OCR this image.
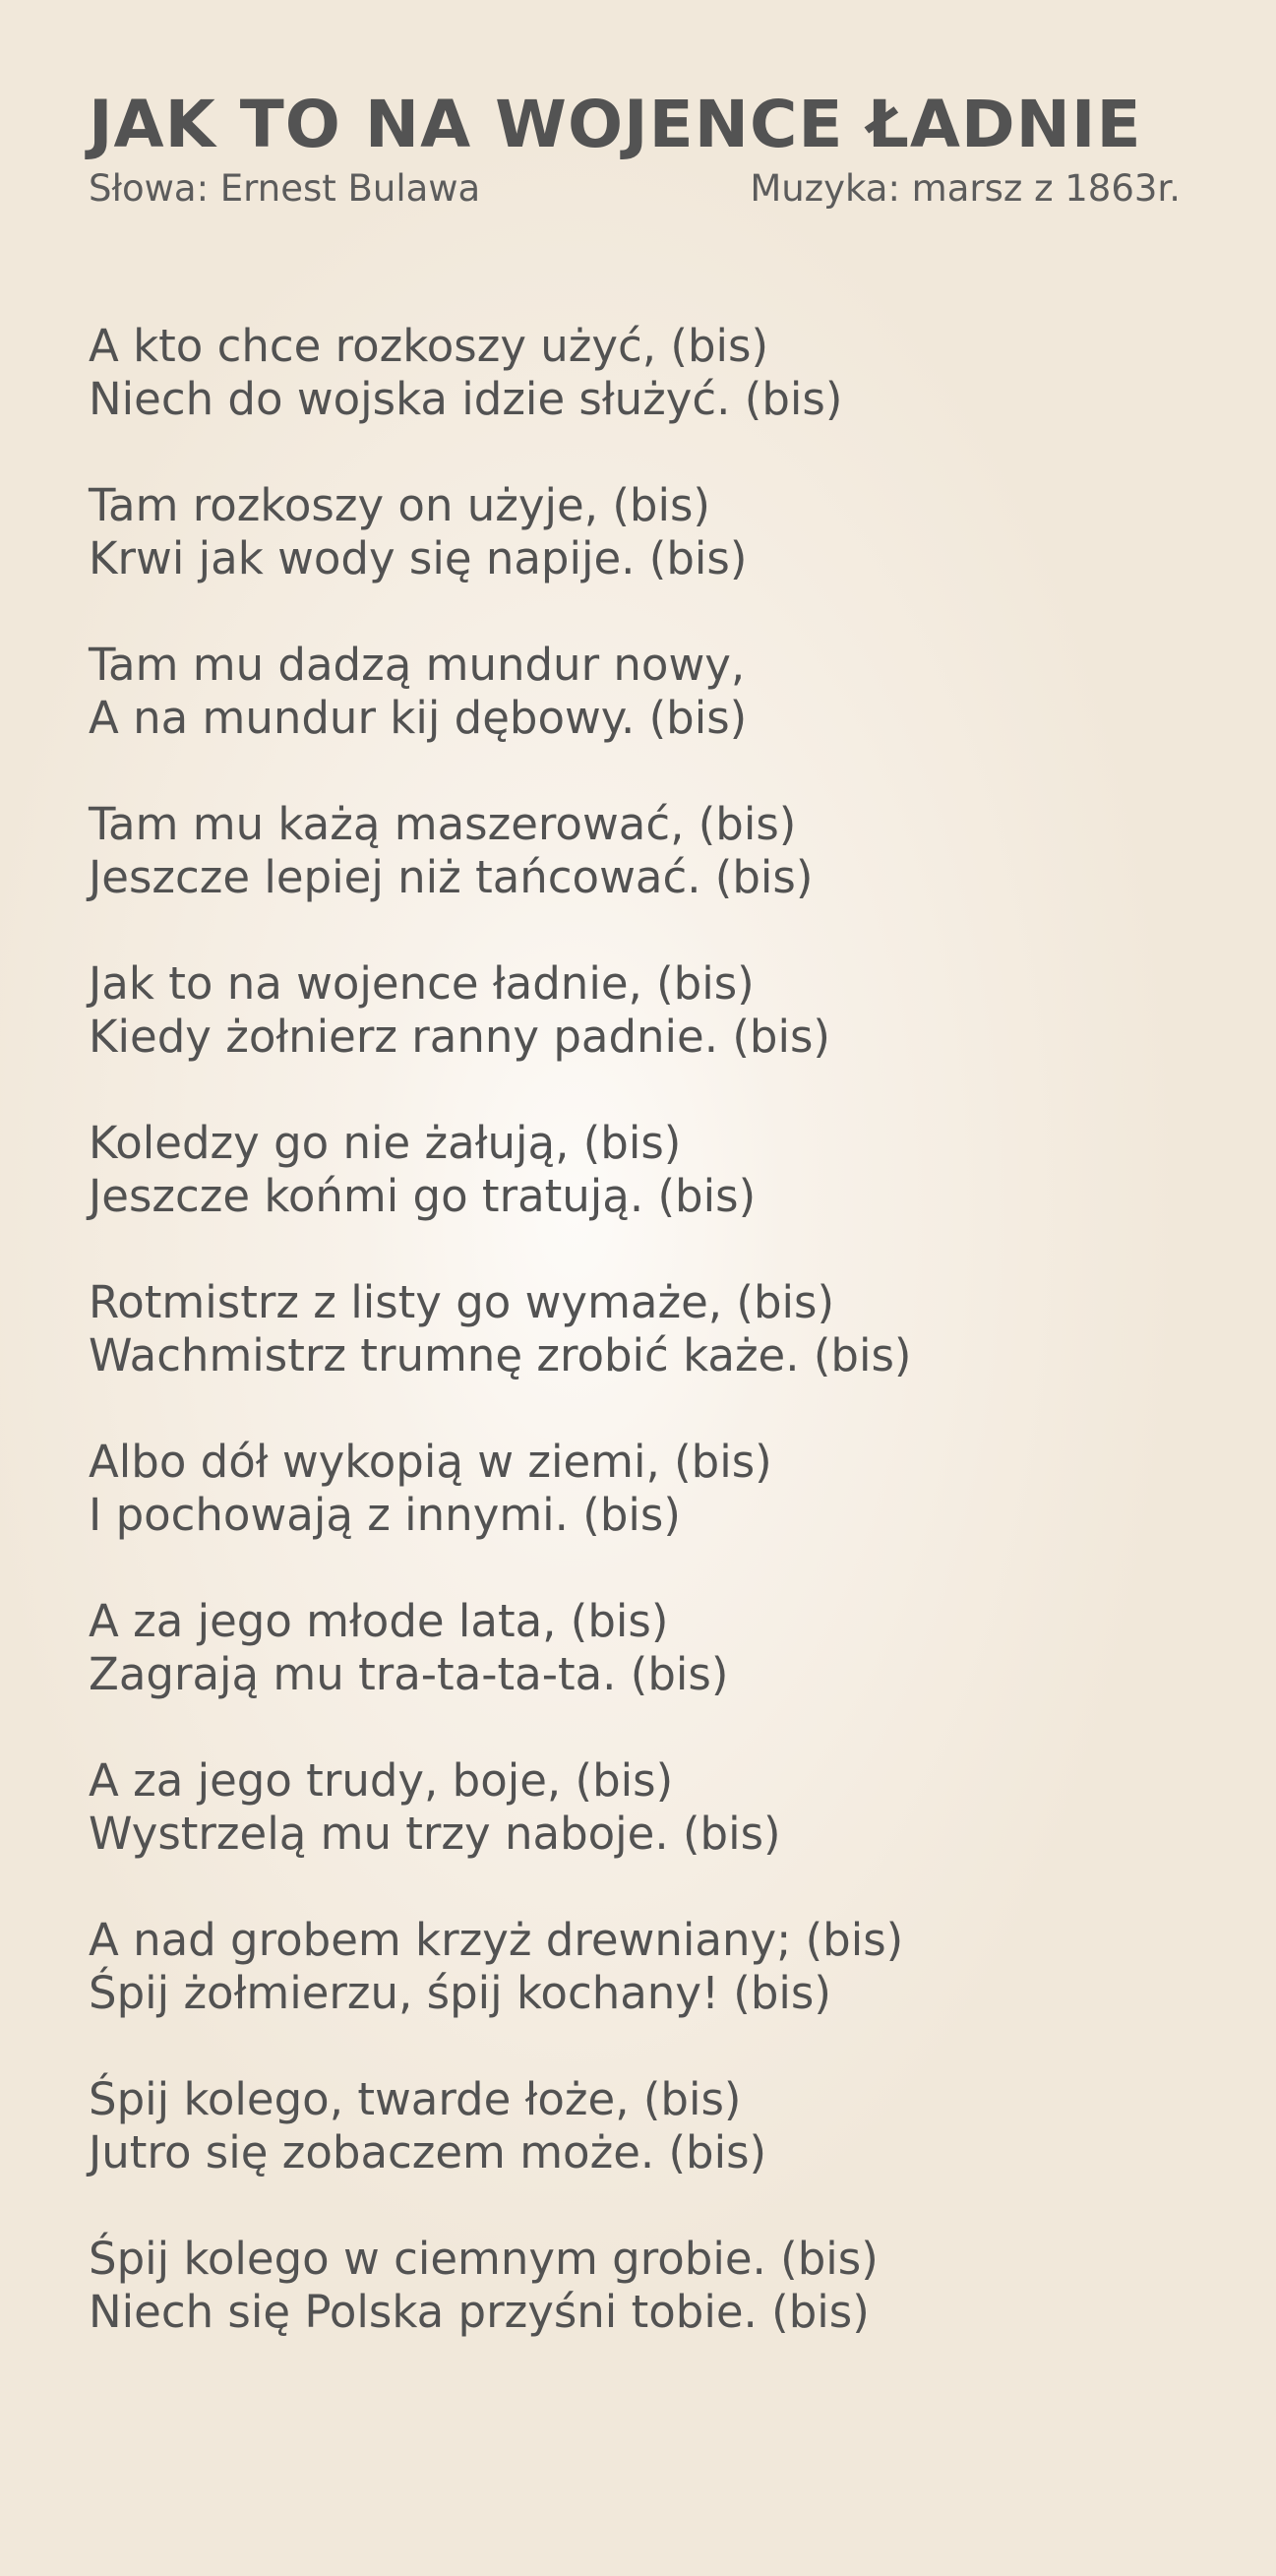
JAK TO NA WOJENCE ŁADNIE
Słowa: Ernest Bulawa	Muzyka: marsz z 1863r.
A kto chce rozkoszy użyć, (bis)
Niech do wojska idzie służyć. (bis)
Tam rozkoszy on użyje, (bis)
Krwi jak wody się napije. (bis)
Tam mu dadzą mundur nowy,
A na mundur kij dębowy. (bis)
Tam mu każą maszerować, (bis)
Jeszcze lepiej niż tańcować. (bis)
Jak to na wojence ładnie, (bis)
Kiedy żołnierz ranny padnie. (bis)
Koledzy go nie żałują, (bis)
Jeszcze końmi go tratują. (bis)
Rotmistrz z listy go wymaże, (bis)
Wachmistrz trumnę zrobić każe. (bis)
Albo dół wykopią w ziemi, (bis)
I pochowają z innymi. (bis)
A za jego młode lata, (bis)
Zagrają mu tra-ta-ta-ta. (bis)
A za jego trudy, boje, (bis)
Wystrzelą mu trzy naboje. (bis)
A nad grobem krzyż drewniany; (bis)
Śpij żołmierzu, śpij kochany! (bis)
Śpij kolego, twarde łoże, (bis)
Jutro się zobaczem może. (bis)
Śpij kolego w ciemnym grobie. (bis)
Niech się Polska przyśni tobie. (bis)
